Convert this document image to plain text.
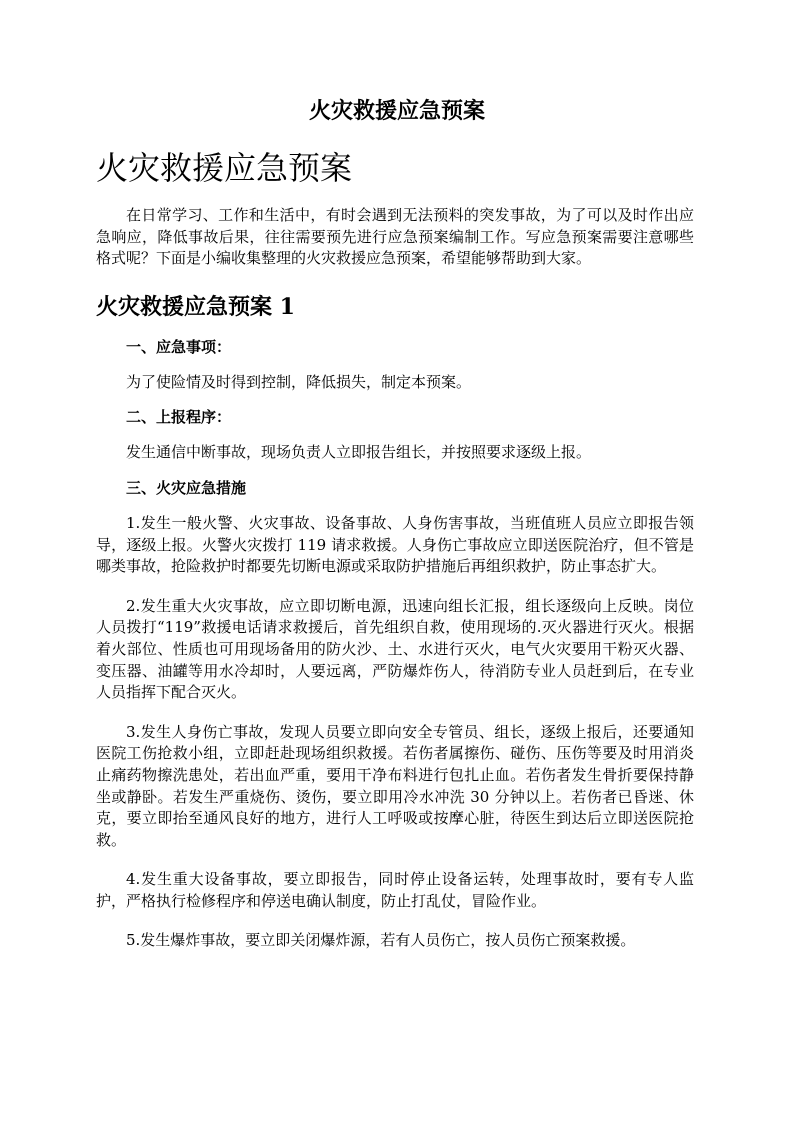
火灾救援应急预案
火灾救援应急预案

在日常学习、工作和生活中，有时会遇到无法预料的突发事故，为了可以及时作出应急响应，降低事故后果，往往需要预先进行应急预案编制工作。写应急预案需要注意哪些格式呢？下面是小编收集整理的火灾救援应急预案，希望能够帮助到大家。

火灾救援应急预案 1
一、应急事项：

为了使险情及时得到控制，降低损失，制定本预案。

二、上报程序：

发生通信中断事故，现场负责人立即报告组长，并按照要求逐级上报。

三、火灾应急措施

1.发生一般火警、火灾事故、设备事故、人身伤害事故，当班值班人员应立即报告领导，逐级上报。火警火灾拨打 119 请求救援。人身伤亡事故应立即送医院治疗，但不管是哪类事故，抢险救护时都要先切断电源或采取防护措施后再组织救护，防止事态扩大。

2.发生重大火灾事故，应立即切断电源，迅速向组长汇报，组长逐级向上反映。岗位人员拨打“119”救援电话请求救援后，首先组织自救，使用现场的.灭火器进行灭火。根据着火部位、性质也可用现场备用的防火沙、土、水进行灭火，电气火灾要用干粉灭火器、变压器、油罐等用水冷却时，人要远离，严防爆炸伤人，待消防专业人员赶到后，在专业人员指挥下配合灭火。

3.发生人身伤亡事故，发现人员要立即向安全专管员、组长，逐级上报后，还要通知医院工伤抢救小组，立即赶赴现场组织救援。若伤者属擦伤、碰伤、压伤等要及时用消炎止痛药物擦洗患处，若出血严重，要用干净布料进行包扎止血。若伤者发生骨折要保持静坐或静卧。若发生严重烧伤、烫伤，要立即用冷水冲洗 30 分钟以上。若伤者已昏迷、休克，要立即抬至通风良好的地方，进行人工呼吸或按摩心脏，待医生到达后立即送医院抢救。

4.发生重大设备事故，要立即报告，同时停止设备运转，处理事故时，要有专人监护，严格执行检修程序和停送电确认制度，防止打乱仗，冒险作业。

5.发生爆炸事故，要立即关闭爆炸源，若有人员伤亡，按人员伤亡预案救援。
